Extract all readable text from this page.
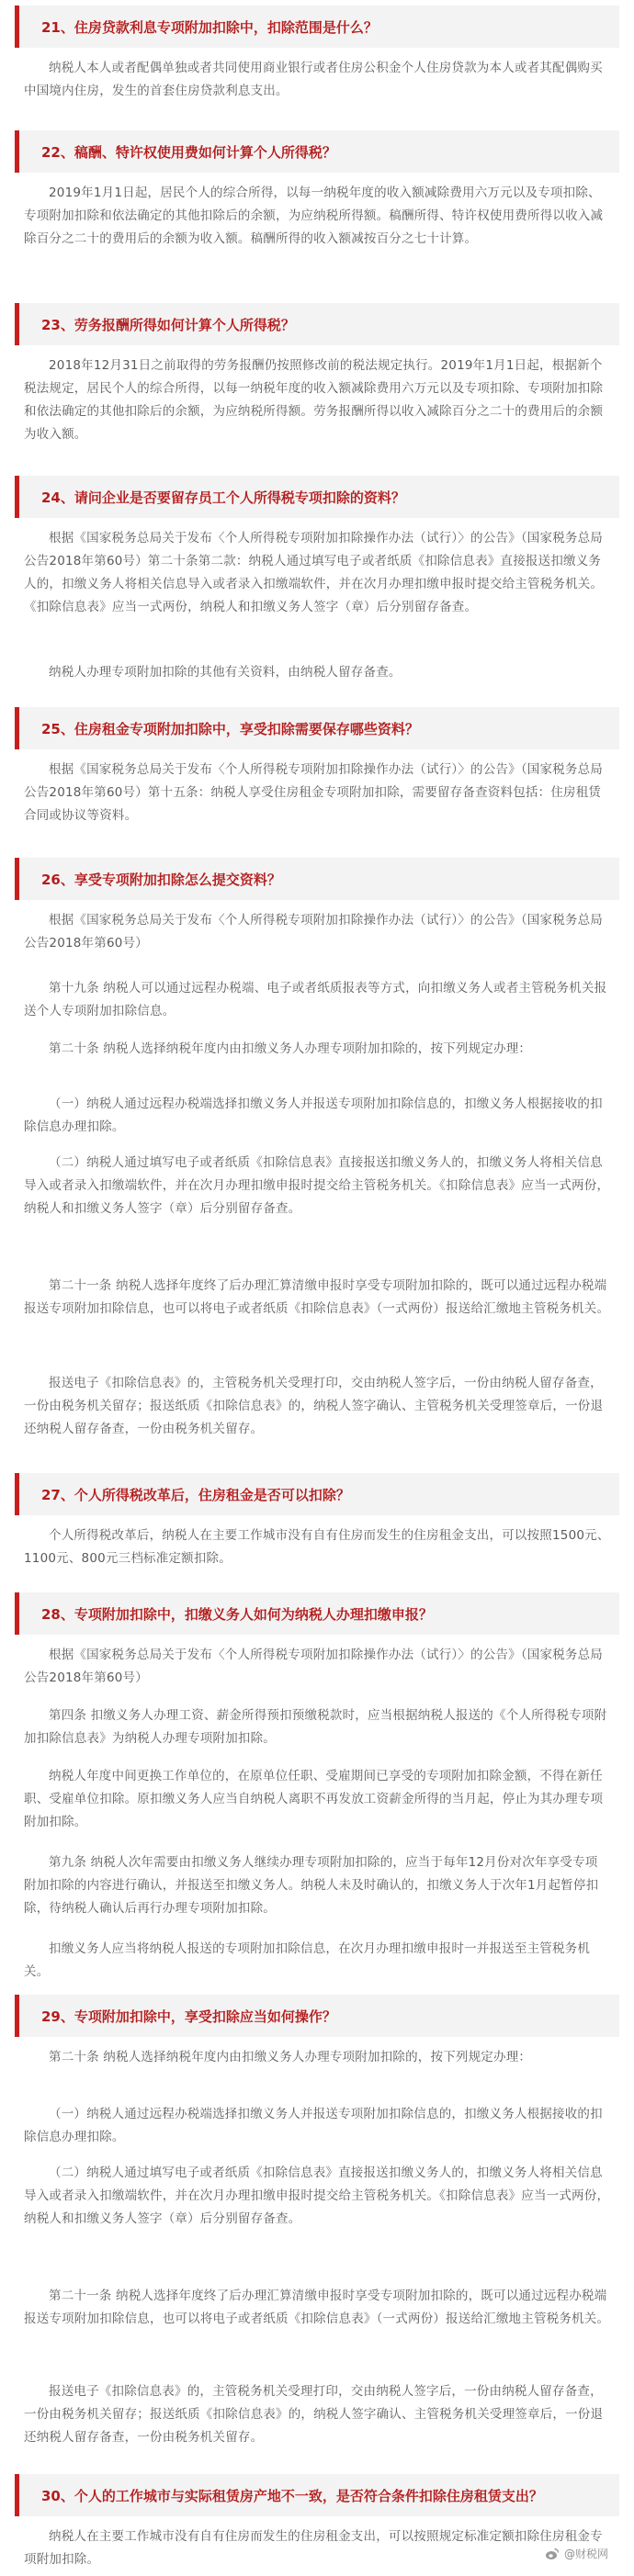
21、住房贷款利息专项附加扣除中，扣除范围是什么？

纳税人本人或者配偶单独或者共同使用商业银行或者住房公积金个人住房贷款为本人或者其配偶购买中国境内住房，发生的首套住房贷款利息支出。

22、稿酬、特许权使用费如何计算个人所得税？

2019年1月1日起，居民个人的综合所得，以每一纳税年度的收入额减除费用六万元以及专项扣除、专项附加扣除和依法确定的其他扣除后的余额，为应纳税所得额。稿酬所得、特许权使用费所得以收入减除百分之二十的费用后的余额为收入额。稿酬所得的收入额减按百分之七十计算。

23、劳务报酬所得如何计算个人所得税？

2018年12月31日之前取得的劳务报酬仍按照修改前的税法规定执行。2019年1月1日起，根据新个税法规定，居民个人的综合所得，以每一纳税年度的收入额减除费用六万元以及专项扣除、专项附加扣除和依法确定的其他扣除后的余额，为应纳税所得额。劳务报酬所得以收入减除百分之二十的费用后的余额为收入额。

24、请问企业是否要留存员工个人所得税专项扣除的资料？

根据《国家税务总局关于发布〈个人所得税专项附加扣除操作办法（试行）〉的公告》（国家税务总局公告2018年第60号）第二十条第二款：纳税人通过填写电子或者纸质《扣除信息表》直接报送扣缴义务人的，扣缴义务人将相关信息导入或者录入扣缴端软件，并在次月办理扣缴申报时提交给主管税务机关。《扣除信息表》应当一式两份，纳税人和扣缴义务人签字（章）后分别留存备查。

纳税人办理专项附加扣除的其他有关资料，由纳税人留存备查。

25、住房租金专项附加扣除中，享受扣除需要保存哪些资料？

根据《国家税务总局关于发布〈个人所得税专项附加扣除操作办法（试行）〉的公告》（国家税务总局公告2018年第60号）第十五条：纳税人享受住房租金专项附加扣除，需要留存备查资料包括：住房租赁合同或协议等资料。

26、享受专项附加扣除怎么提交资料？

根据《国家税务总局关于发布〈个人所得税专项附加扣除操作办法（试行）〉的公告》（国家税务总局公告2018年第60号）

第十九条 纳税人可以通过远程办税端、电子或者纸质报表等方式，向扣缴义务人或者主管税务机关报送个人专项附加扣除信息。

第二十条 纳税人选择纳税年度内由扣缴义务人办理专项附加扣除的，按下列规定办理：

（一）纳税人通过远程办税端选择扣缴义务人并报送专项附加扣除信息的，扣缴义务人根据接收的扣除信息办理扣除。

（二）纳税人通过填写电子或者纸质《扣除信息表》直接报送扣缴义务人的，扣缴义务人将相关信息导入或者录入扣缴端软件，并在次月办理扣缴申报时提交给主管税务机关。《扣除信息表》应当一式两份，纳税人和扣缴义务人签字（章）后分别留存备查。

第二十一条 纳税人选择年度终了后办理汇算清缴申报时享受专项附加扣除的，既可以通过远程办税端报送专项附加扣除信息，也可以将电子或者纸质《扣除信息表》（一式两份）报送给汇缴地主管税务机关。

报送电子《扣除信息表》的，主管税务机关受理打印，交由纳税人签字后，一份由纳税人留存备查，一份由税务机关留存；报送纸质《扣除信息表》的，纳税人签字确认、主管税务机关受理签章后，一份退还纳税人留存备查，一份由税务机关留存。

27、个人所得税改革后，住房租金是否可以扣除？

个人所得税改革后，纳税人在主要工作城市没有自有住房而发生的住房租金支出，可以按照1500元、1100元、800元三档标准定额扣除。

28、专项附加扣除中，扣缴义务人如何为纳税人办理扣缴申报？

根据《国家税务总局关于发布〈个人所得税专项附加扣除操作办法（试行）〉的公告》（国家税务总局公告2018年第60号）

第四条 扣缴义务人办理工资、薪金所得预扣预缴税款时，应当根据纳税人报送的《个人所得税专项附加扣除信息表》为纳税人办理专项附加扣除。

纳税人年度中间更换工作单位的，在原单位任职、受雇期间已享受的专项附加扣除金额，不得在新任职、受雇单位扣除。原扣缴义务人应当自纳税人离职不再发放工资薪金所得的当月起，停止为其办理专项附加扣除。

第九条 纳税人次年需要由扣缴义务人继续办理专项附加扣除的，应当于每年12月份对次年享受专项附加扣除的内容进行确认，并报送至扣缴义务人。纳税人未及时确认的，扣缴义务人于次年1月起暂停扣除，待纳税人确认后再行办理专项附加扣除。

扣缴义务人应当将纳税人报送的专项附加扣除信息，在次月办理扣缴申报时一并报送至主管税务机关。

29、专项附加扣除中，享受扣除应当如何操作？

第二十条 纳税人选择纳税年度内由扣缴义务人办理专项附加扣除的，按下列规定办理：

（一）纳税人通过远程办税端选择扣缴义务人并报送专项附加扣除信息的，扣缴义务人根据接收的扣除信息办理扣除。

（二）纳税人通过填写电子或者纸质《扣除信息表》直接报送扣缴义务人的，扣缴义务人将相关信息导入或者录入扣缴端软件，并在次月办理扣缴申报时提交给主管税务机关。《扣除信息表》应当一式两份，纳税人和扣缴义务人签字（章）后分别留存备查。

第二十一条 纳税人选择年度终了后办理汇算清缴申报时享受专项附加扣除的，既可以通过远程办税端报送专项附加扣除信息，也可以将电子或者纸质《扣除信息表》（一式两份）报送给汇缴地主管税务机关。

报送电子《扣除信息表》的，主管税务机关受理打印，交由纳税人签字后，一份由纳税人留存备查，一份由税务机关留存；报送纸质《扣除信息表》的，纳税人签字确认、主管税务机关受理签章后，一份退还纳税人留存备查，一份由税务机关留存。

30、个人的工作城市与实际租赁房产地不一致，是否符合条件扣除住房租赁支出？

纳税人在主要工作城市没有自有住房而发生的住房租金支出，可以按照规定标准定额扣除住房租金专项附加扣除。	@财税网
